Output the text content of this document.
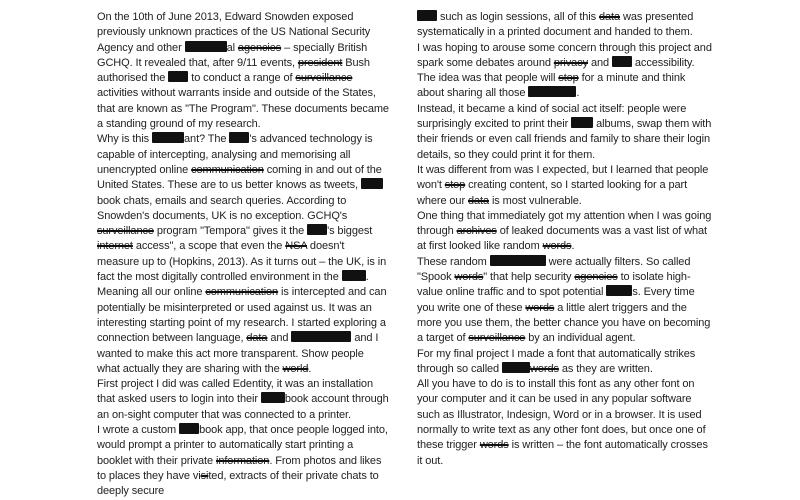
On the 10th of June 2013, Edward Snowden exposed previously unknown practices of the US National Security Agency and other	al agencies – specially British GCHQ. It revealed that, after 9/11 events, president Bush authorised the  to conduct a range of surveillance activities without warrants inside and outside of the States, that are known as "The Program". These documents became a standing ground of my research.

Why is this	ant? The 's advanced technology is capable of intercepting, analysing and memorising all unencrypted online communication coming in and out of the United States. These are to us better knows as tweets, book chats, emails and search queries. According to Snowden's documents, UK is no exception. GCHQ's surveillance program "Tempora" gives it the 's biggest internet access", a scope that even the NSA doesn't measure up to (Hopkins, 2013). As it turns out – the UK, is in fact the most digitally controlled environment in the .

Meaning all our online communication is intercepted and can potentially be misinterpreted or used against us. It was an interesting starting point of my research. I started exploring a connection between language, data and	and I wanted to make this act more transparent. Show people what actually they are sharing with the world.

First project I did was called Edentity, it was an installation that asked users to login into their book account through an on-sight computer that was connected to a printer.

I wrote a custom book app, that once people logged into, would prompt a printer to automatically start printing a booklet with their private information. From photos and likes to places they have visited, extracts of their private chats to deeply secure

such as login sessions, all of this data was presented systematically in a printed document and handed to them.

I was hoping to arouse some concern through this project and spark some debates around privacy and  accessibility. The idea was that people will stop for a minute and think about sharing all those	.

Instead, it became a kind of social act itself: people were surprisingly excited to print their  albums, swap them with their friends or even call friends and family to share their login details, so they could print it for them.

It was different from was I expected, but I learned that people won't stop creating content, so I started looking for a part where our data is most vulnerable.

One thing that immediately got my attention when I was going through archives of leaked documents was a vast list of what at first looked like random words.

These random	were actually filters. So called "Spook words" that help security agencies to isolate high-value online traffic and to spot potential s. Every time you write one of these words a little alert triggers and the more you use them, the better chance you have on becoming a target of surveillance by an individual agent.

For my final project I made a font that automatically strikes through so called	words as they are written.

All you have to do is to install this font as any other font on your computer and it can be used in any popular software such as Illustrator, Indesign, Word or in a browser. It is used normally to write text as any other font does, but once one of these trigger words is written – the font automatically crosses it out.
